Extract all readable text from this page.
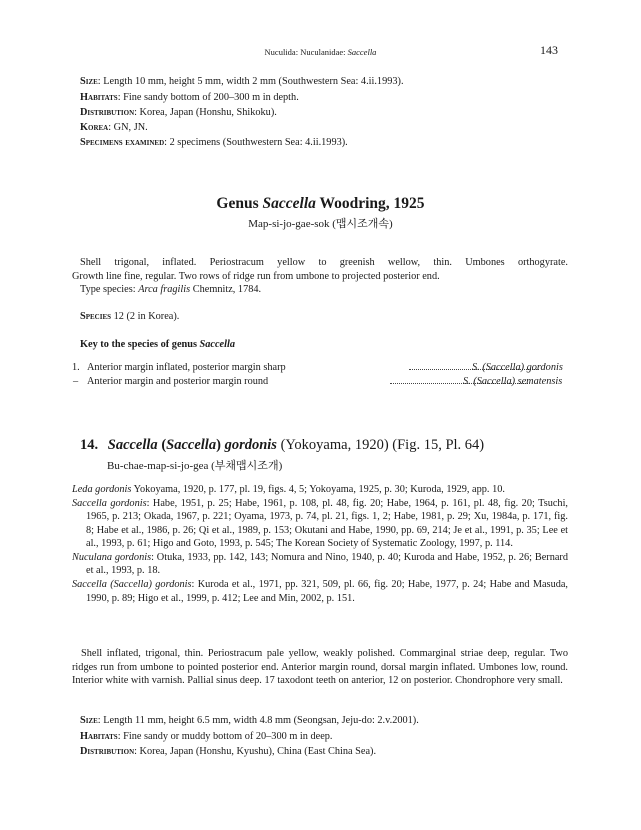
Nuculida: Nuculanidae: Saccella	143
Size: Length 10 mm, height 5 mm, width 2 mm (Southwestern Sea: 4.ii.1993).
Habitats: Fine sandy bottom of 200–300 m in depth.
Distribution: Korea, Japan (Honshu, Shikoku).
Korea: GN, JN.
Specimens examined: 2 specimens (Southwestern Sea: 4.ii.1993).
Genus Saccella Woodring, 1925
Map-si-jo-gae-sok (맵시조개속)
Shell trigonal, inflated. Periostracum yellow to greenish wellow, thin. Umbones orthogyrate.
Growth line fine, regular. Two rows of ridge run from umbone to projected posterior end.
Type species: Arca fragilis Chemnitz, 1784.
Species 12 (2 in Korea).
Key to the species of genus Saccella
1. Anterior margin inflated, posterior margin sharp	S. (Saccella) gordonis
– Anterior margin and posterior margin round	S. (Saccella) sematensis
14. Saccella (Saccella) gordonis (Yokoyama, 1920) (Fig. 15, Pl. 64)
Bu-chae-map-si-jo-gea (부채맵시조개)
Leda gordonis Yokoyama, 1920, p. 177, pl. 19, figs. 4, 5; Yokoyama, 1925, p. 30; Kuroda, 1929, app. 10.
Saccella gordonis: Habe, 1951, p. 25; Habe, 1961, p. 108, pl. 48, fig. 20; Habe, 1964, p. 161, pl. 48, fig. 20; Tsuchi, 1965, p. 213; Okada, 1967, p. 221; Oyama, 1973, p. 74, pl. 21, figs. 1, 2; Habe, 1981, p. 29; Xu, 1984a, p. 171, fig. 8; Habe et al., 1986, p. 26; Qi et al., 1989, p. 153; Okutani and Habe, 1990, pp. 69, 214; Je et al., 1991, p. 35; Lee et al., 1993, p. 61; Higo and Goto, 1993, p. 545; The Korean Society of Systematic Zoology, 1997, p. 114.
Nuculana gordonis: Otuka, 1933, pp. 142, 143; Nomura and Nino, 1940, p. 40; Kuroda and Habe, 1952, p. 26; Bernard et al., 1993, p. 18.
Saccella (Saccella) gordonis: Kuroda et al., 1971, pp. 321, 509, pl. 66, fig. 20; Habe, 1977, p. 24; Habe and Masuda, 1990, p. 89; Higo et al., 1999, p. 412; Lee and Min, 2002, p. 151.
Shell inflated, trigonal, thin. Periostracum pale yellow, weakly polished. Commarginal striae deep, regular. Two ridges run from umbone to pointed posterior end. Anterior margin round, dorsal margin inflated. Umbones low, round. Interior white with varnish. Pallial sinus deep. 17 taxodont teeth on anterior, 12 on posterior. Chondrophore very small.
Size: Length 11 mm, height 6.5 mm, width 4.8 mm (Seongsan, Jeju-do: 2.v.2001).
Habitats: Fine sandy or muddy bottom of 20–300 m in deep.
Distribution: Korea, Japan (Honshu, Kyushu), China (East China Sea).
